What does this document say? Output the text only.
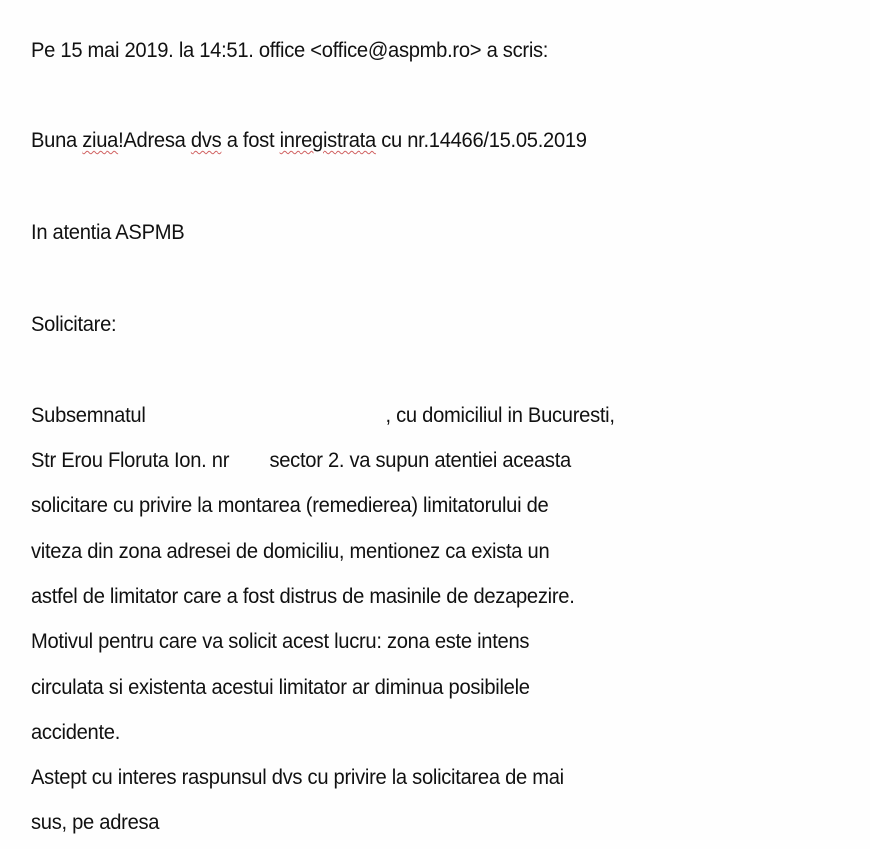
Pe 15 mai 2019. la 14:51. office <office@aspmb.ro> a scris:
Buna ziua!Adresa dvs a fost inregistrata cu nr.14466/15.05.2019
In atentia ASPMB
Solicitare:
Subsemnatul	, cu domiciliul in Bucuresti,
Str Erou Floruta Ion. nr sector 2. va supun atentiei aceasta
solicitare cu privire la montarea (remedierea) limitatorului de
viteza din zona adresei de domiciliu, mentionez ca exista un
astfel de limitator care a fost distrus de masinile de dezapezire.
Motivul pentru care va solicit acest lucru: zona este intens
circulata si existenta acestui limitator ar diminua posibilele
accidente.
Astept cu interes raspunsul dvs cu privire la solicitarea de mai
sus, pe adresa
